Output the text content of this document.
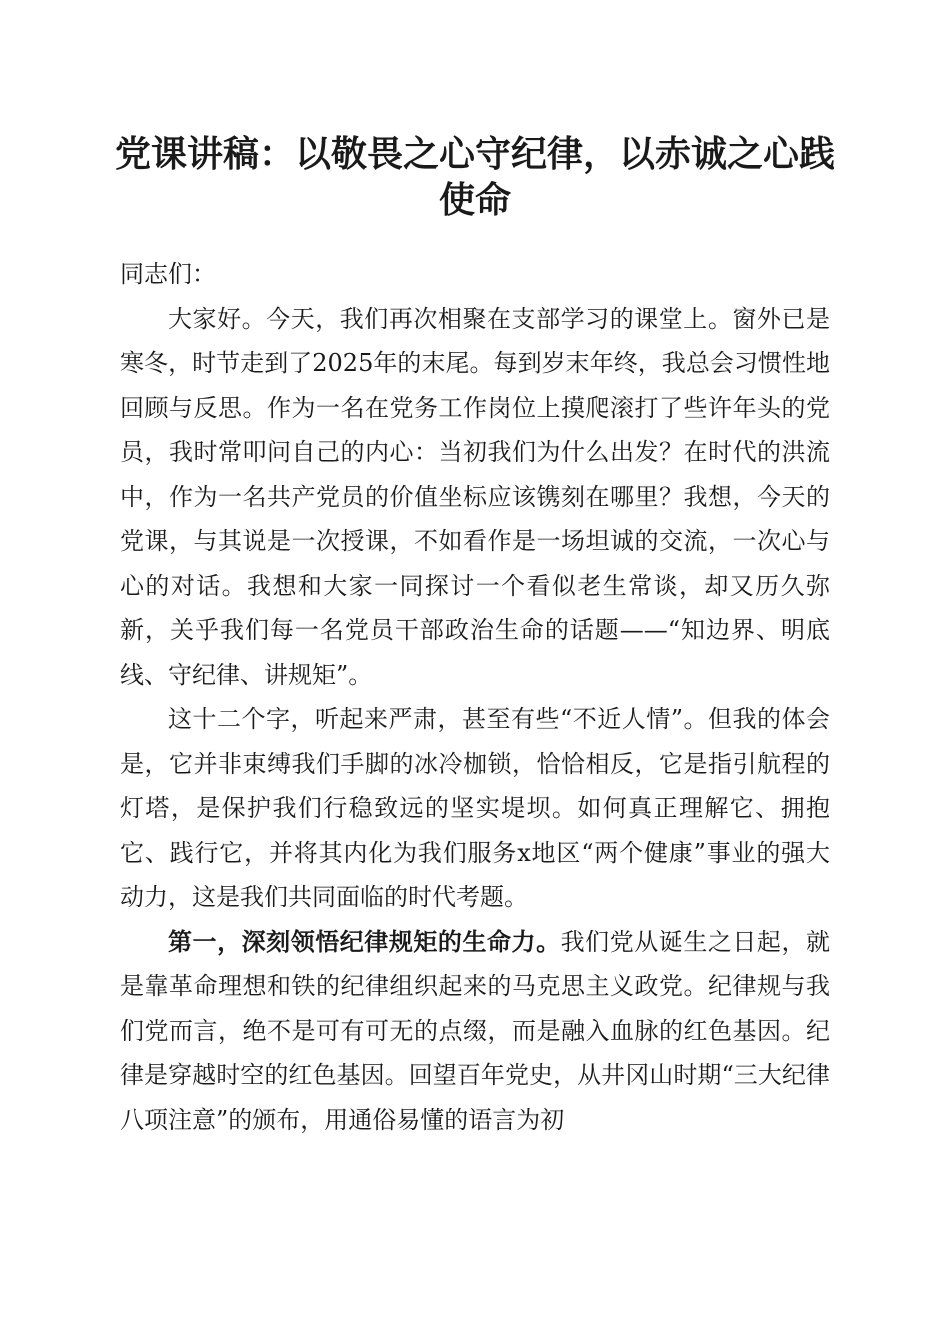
党课讲稿：以敬畏之心守纪律，以赤诚之心践使命

同志们：

大家好。今天，我们再次相聚在支部学习的课堂上。窗外已是寒冬，时节走到了2025年的末尾。每到岁末年终，我总会习惯性地回顾与反思。作为一名在党务工作岗位上摸爬滚打了些许年头的党员，我时常叩问自己的内心：当初我们为什么出发？在时代的洪流中，作为一名共产党员的价值坐标应该镌刻在哪里？我想，今天的党课，与其说是一次授课，不如看作是一场坦诚的交流，一次心与心的对话。我想和大家一同探讨一个看似老生常谈，却又历久弥新，关乎我们每一名党员干部政治生命的话题——“知边界、明底线、守纪律、讲规矩”。

这十二个字，听起来严肃，甚至有些“不近人情”。但我的体会是，它并非束缚我们手脚的冰冷枷锁，恰恰相反，它是指引航程的灯塔，是保护我们行稳致远的坚实堤坝。如何真正理解它、拥抱它、践行它，并将其内化为我们服务x地区“两个健康”事业的强大动力，这是我们共同面临的时代考题。

第一，深刻领悟纪律规矩的生命力。我们党从诞生之日起，就是靠革命理想和铁的纪律组织起来的马克思主义政党。纪律规与我们党而言，绝不是可有可无的点缀，而是融入血脉的红色基因。纪律是穿越时空的红色基因。回望百年党史，从井冈山时期“三大纪律八项注意”的颁布，用通俗易懂的语言为初
